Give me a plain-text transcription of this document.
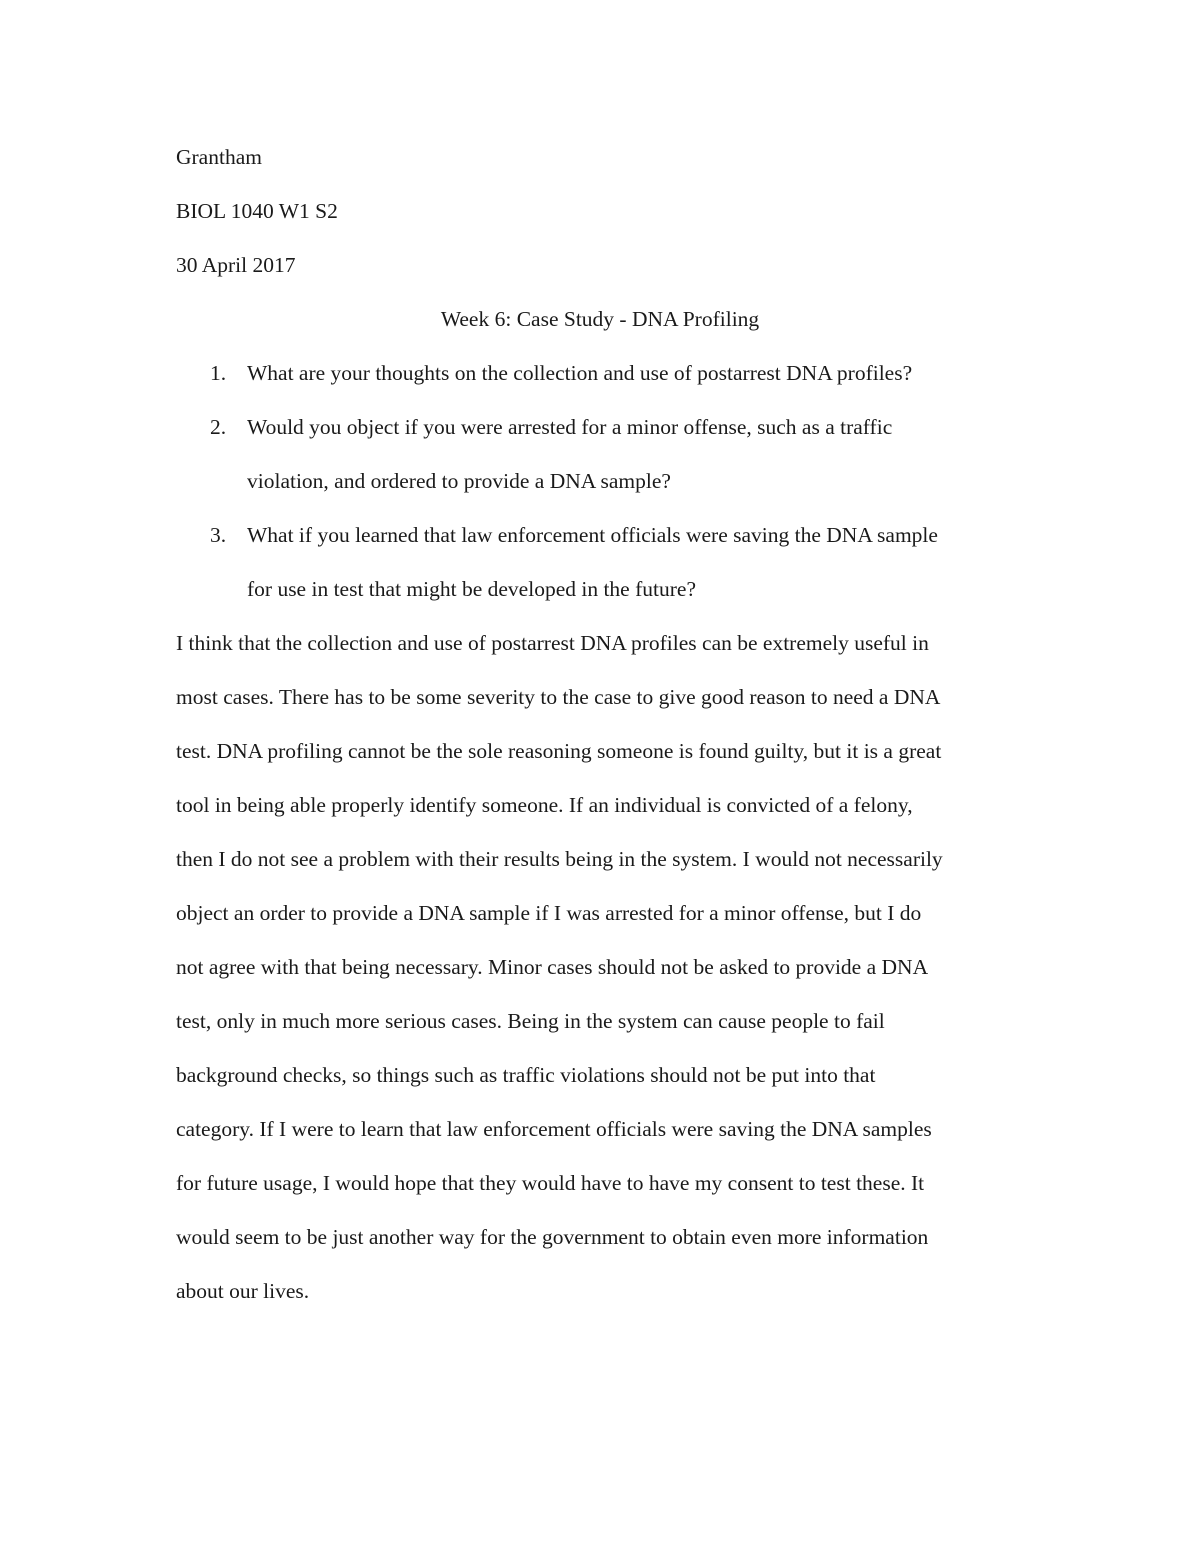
Grantham
BIOL 1040 W1 S2
30 April 2017
Week 6: Case Study - DNA Profiling
1. What are your thoughts on the collection and use of postarrest DNA profiles?
2. Would you object if you were arrested for a minor offense, such as a traffic
violation, and ordered to provide a DNA sample?
3. What if you learned that law enforcement officials were saving the DNA sample
for use in test that might be developed in the future?
I think that the collection and use of postarrest DNA profiles can be extremely useful in
most cases. There has to be some severity to the case to give good reason to need a DNA
test. DNA profiling cannot be the sole reasoning someone is found guilty, but it is a great
tool in being able properly identify someone. If an individual is convicted of a felony,
then I do not see a problem with their results being in the system. I would not necessarily
object an order to provide a DNA sample if I was arrested for a minor offense, but I do
not agree with that being necessary. Minor cases should not be asked to provide a DNA
test, only in much more serious cases. Being in the system can cause people to fail
background checks, so things such as traffic violations should not be put into that
category. If I were to learn that law enforcement officials were saving the DNA samples
for future usage, I would hope that they would have to have my consent to test these. It
would seem to be just another way for the government to obtain even more information
about our lives.
